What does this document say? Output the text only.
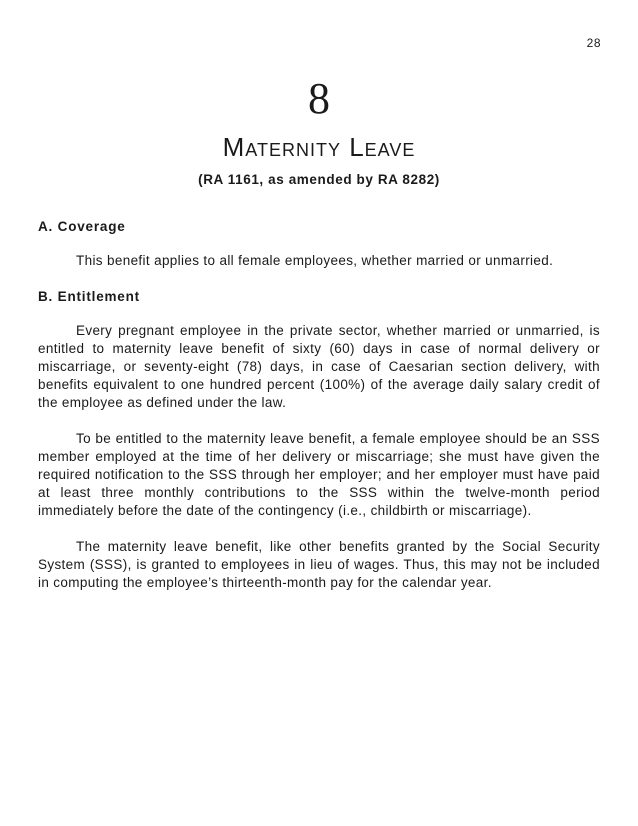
28
8
Maternity Leave
(RA 1161, as amended by RA 8282)
A. Coverage

This benefit applies to all female employees, whether married or unmarried.

B. Entitlement

Every pregnant employee in the private sector, whether married or unmarried, is entitled to maternity leave benefit of sixty (60) days in case of normal delivery or miscarriage, or seventy-eight (78) days, in case of Caesarian section delivery, with benefits equivalent to one hundred percent (100%) of the average daily salary credit of the employee as defined under the law.

To be entitled to the maternity leave benefit, a female employee should be an SSS member employed at the time of her delivery or miscarriage; she must have given the required notification to the SSS through her employer; and her employer must have paid at least three monthly contributions to the SSS within the twelve-month period immediately before the date of the contingency (i.e., childbirth or miscarriage).

The maternity leave benefit, like other benefits granted by the Social Security System (SSS), is granted to employees in lieu of wages. Thus, this may not be included in computing the employee’s thirteenth-month pay for the calendar year.
